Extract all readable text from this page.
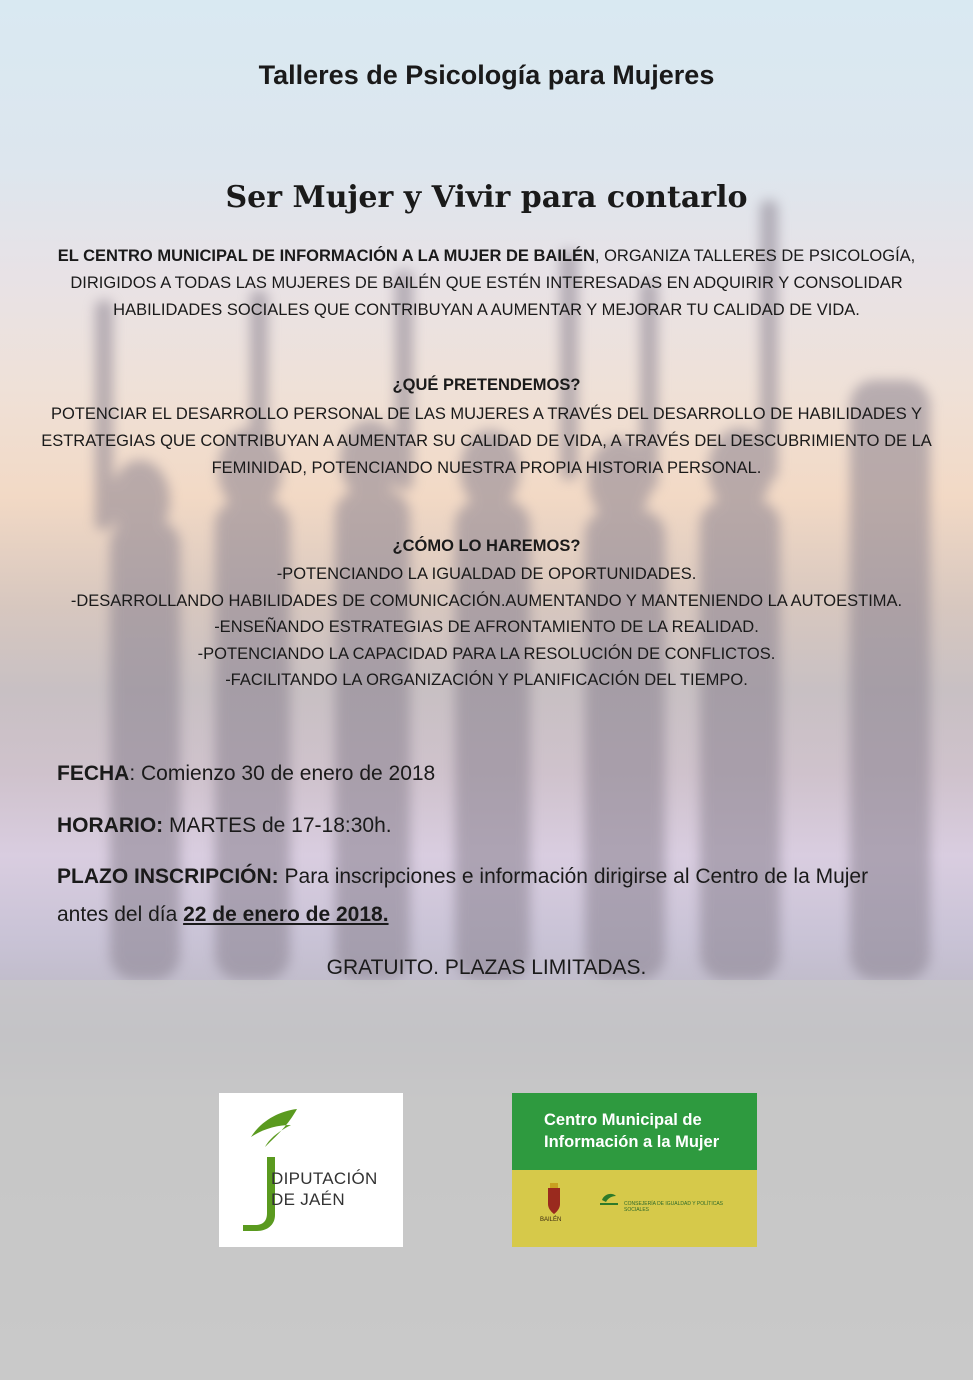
Talleres de Psicología para Mujeres
Ser Mujer y Vivir para contarlo

EL CENTRO MUNICIPAL DE INFORMACIÓN A LA MUJER DE BAILÉN, ORGANIZA TALLERES DE PSICOLOGÍA, DIRIGIDOS A TODAS LAS MUJERES DE BAILÉN QUE ESTÉN INTERESADAS EN ADQUIRIR Y CONSOLIDAR HABILIDADES SOCIALES QUE CONTRIBUYAN A AUMENTAR Y MEJORAR TU CALIDAD DE VIDA.

¿QUÉ PRETENDEMOS?

POTENCIAR EL DESARROLLO PERSONAL DE LAS MUJERES A TRAVÉS DEL DESARROLLO DE HABILIDADES Y ESTRATEGIAS QUE CONTRIBUYAN A AUMENTAR SU CALIDAD DE VIDA, A TRAVÉS DEL DESCUBRIMIENTO DE LA FEMINIDAD, POTENCIANDO NUESTRA PROPIA HISTORIA PERSONAL.

¿CÓMO LO HAREMOS?
-POTENCIANDO LA IGUALDAD DE OPORTUNIDADES.
-DESARROLLANDO HABILIDADES DE COMUNICACIÓN.AUMENTANDO Y MANTENIENDO LA AUTOESTIMA.
-ENSEÑANDO ESTRATEGIAS DE AFRONTAMIENTO DE LA REALIDAD.
-POTENCIANDO LA CAPACIDAD PARA LA RESOLUCIÓN DE CONFLICTOS.
-FACILITANDO LA ORGANIZACIÓN Y PLANIFICACIÓN DEL TIEMPO.

FECHA: Comienzo 30 de enero de 2018

HORARIO: MARTES de 17-18:30h.

PLAZO INSCRIPCIÓN: Para inscripciones e información dirigirse al Centro de la Mujer antes del día 22 de enero de 2018.

GRATUITO. PLAZAS LIMITADAS.

DIPUTACIÓN
DE JAÉN
Centro Municipal de
Información a la Mujer
BAILÉN
CONSEJERÍA DE IGUALDAD Y POLÍTICAS SOCIALES
